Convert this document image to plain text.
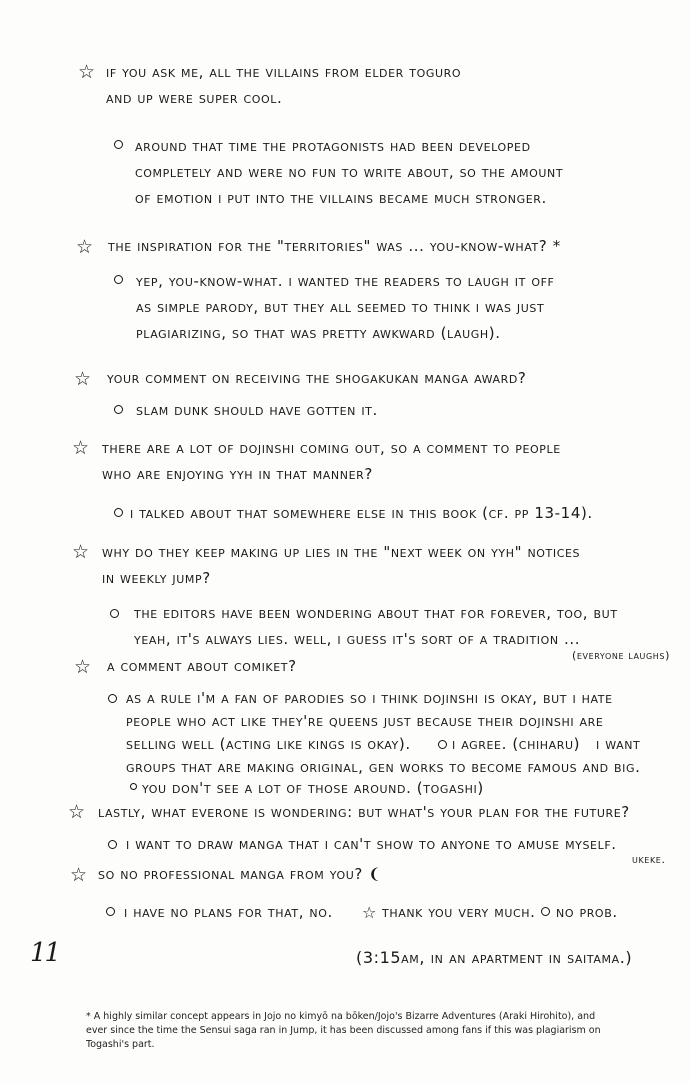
☆ if you ask me, all the villains from elder toguro
and up were super cool.
around that time the protagonists had been developed
completely and were no fun to write about, so the amount
of emotion i put into the villains became much stronger.
☆ the inspiration for the "territories" was ... you-know-what? *
yep, you-know-what. i wanted the readers to laugh it off
as simple parody, but they all seemed to think i was just
plagiarizing, so that was pretty awkward (laugh).
☆ your comment on receiving the shogakukan manga award?
slam dunk should have gotten it.
☆ there are a lot of dojinshi coming out, so a comment to people
who are enjoying yyh in that manner?
i talked about that somewhere else in this book (cf. pp 13-14).
☆ why do they keep making up lies in the "next week on yyh" notices
in weekly jump?
the editors have been wondering about that for forever, too, but
yeah, it's always lies. well, i guess it's sort of a tradition ...
(everyone laughs)
☆ a comment about comiket?
as a rule i'm a fan of parodies so i think dojinshi is okay, but i hate
people who act like they're queens just because their dojinshi are
selling well (acting like kings is okay).	i agree. (chiharu) i want
groups that are making original, gen works to become famous and big.
you don't see a lot of those around. (togashi)
☆ lastly, what everone is wondering: but what's your plan for the future?
i want to draw manga that i can't show to anyone to amuse myself.
ukeke.
☆ so no professional manga from you? ❨
i have no plans for that, no. ☆ thank you very much. no prob.
11	(3:15am, in an apartment in saitama.)
* A highly similar concept appears in Jojo no kimyō na bōken/Jojo's Bizarre Adventures (Araki Hirohito), and ever since the time the Sensui saga ran in Jump, it has been discussed among fans if this was plagiarism on Togashi's part.
